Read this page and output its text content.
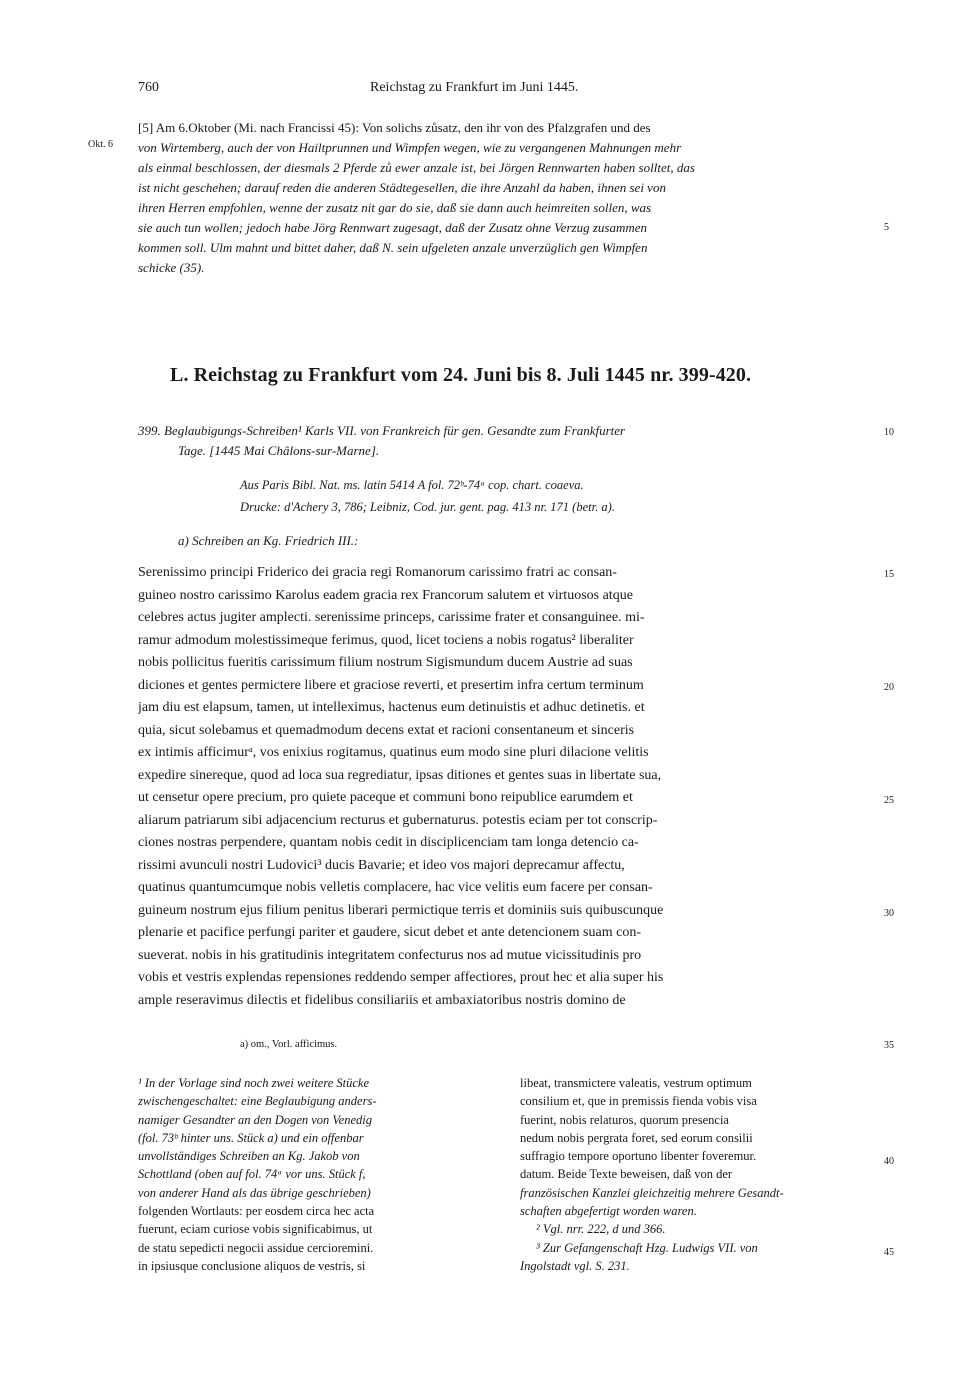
760	Reichstag zu Frankfurt im Juni 1445.
Okt. 6
[5] Am 6.Oktober (Mi. nach Francissi 45): Von solichs zůsatz, den ihr von des Pfalzgrafen und des
von Wirtemberg, auch der von Hailtprunnen und Wimpfen wegen, wie zu vergangenen Mahnungen mehr
als einmal beschlossen, der diesmals 2 Pferde zů ewer anzale ist, bei Jörgen Rennwarten haben solltet, das
ist nicht geschehen; darauf reden die anderen Städtegesellen, die ihre Anzahl da haben, ihnen sei von
ihren Herren empfohlen, wenne der zusatz nit gar do sie, daß sie dann auch heimreiten sollen, was
sie auch tun wollen; jedoch habe Jörg Rennwart zugesagt, daß der Zusatz ohne Verzug zusammen
kommen soll. Ulm mahnt und bittet daher, daß N. sein ufgeleten anzale unverzüglich gen Wimpfen
schicke (35).
5
L. Reichstag zu Frankfurt vom 24. Juni bis 8. Juli 1445 nr. 399-420.
399. Beglaubigungs-Schreiben¹ Karls VII. von Frankreich für gen. Gesandte zum Frankfurter
Tage. [1445 Mai Châlons-sur-Marne].
10
Aus Paris Bibl. Nat. ms. latin 5414 A fol. 72ᵇ-74ᵃ cop. chart. coaeva.
Drucke: d'Achery 3, 786; Leibniz, Cod. jur. gent. pag. 413 nr. 171 (betr. a).
a) Schreiben an Kg. Friedrich III.:
Serenissimo principi Friderico dei gracia regi Romanorum carissimo fratri ac consan-
guineo nostro carissimo Karolus eadem gracia rex Francorum salutem et virtuosos atque
celebres actus jugiter amplecti. serenissime princeps, carissime frater et consanguinee. mi-
ramur admodum molestissimeque ferimus, quod, licet tociens a nobis rogatus² liberaliter
nobis pollicitus fueritis carissimum filium nostrum Sigismundum ducem Austrie ad suas
diciones et gentes permictere libere et graciose reverti, et presertim infra certum terminum
jam diu est elapsum, tamen, ut intelleximus, hactenus eum detinuistis et adhuc detinetis. et
quia, sicut solebamus et quemadmodum decens extat et racioni consentaneum et sinceris
ex intimis afficimurᵃ, vos enixius rogitamus, quatinus eum modo sine pluri dilacione velitis
expedire sinereque, quod ad loca sua regrediatur, ipsas ditiones et gentes suas in libertate sua,
ut censetur opere precium, pro quiete paceque et communi bono reipublice earumdem et
aliarum patriarum sibi adjacencium recturus et gubernaturus. potestis eciam per tot conscrip-
ciones nostras perpendere, quantam nobis cedit in disciplicenciam tam longa detencio ca-
rissimi avunculi nostri Ludovici³ ducis Bavarie; et ideo vos majori deprecamur affectu,
quatinus quantumcumque nobis velletis complacere, hac vice velitis eum facere per consan-
guineum nostrum ejus filium penitus liberari permictique terris et dominiis suis quibuscunque
plenarie et pacifice perfungi pariter et gaudere, sicut debet et ante detencionem suam con-
sueverat. nobis in his gratitudinis integritatem confecturus nos ad mutue vicissitudinis pro
vobis et vestris explendas repensiones reddendo semper affectiores, prout hec et alia super his
ample reseravimus dilectis et fidelibus consiliariis et ambaxiatoribus nostris domino de
15
20
25
30
a) om., Vorl. afficimus.	35
¹ In der Vorlage sind noch zwei weitere Stücke
zwischengeschaltet: eine Beglaubigung anders-
namiger Gesandter an den Dogen von Venedig
(fol. 73ᵇ hinter uns. Stück a) und ein offenbar
unvollständiges Schreiben an Kg. Jakob von
Schottland (oben auf fol. 74ᵃ vor uns. Stück f,
von anderer Hand als das übrige geschrieben)
folgenden Wortlauts: per eosdem circa hec acta
fuerunt, eciam curiose vobis significabimus, ut
de statu sepedicti negocii assidue cercioremini.
in ipsiusque conclusione aliquos de vestris, si
libeat, transmictere valeatis, vestrum optimum
consilium et, que in premissis fienda vobis visa
fuerint, nobis relaturos, quorum presencia
nedum nobis pergrata foret, sed eorum consilii
suffragio tempore oportuno libenter foveremur.
datum. Beide Texte beweisen, daß von der
französischen Kanzlei gleichzeitig mehrere Gesandt-
schaften abgefertigt worden waren.
² Vgl. nrr. 222, d und 366.
³ Zur Gefangenschaft Hzg. Ludwigs VII. von
Ingolstadt vgl. S. 231.
40
45
